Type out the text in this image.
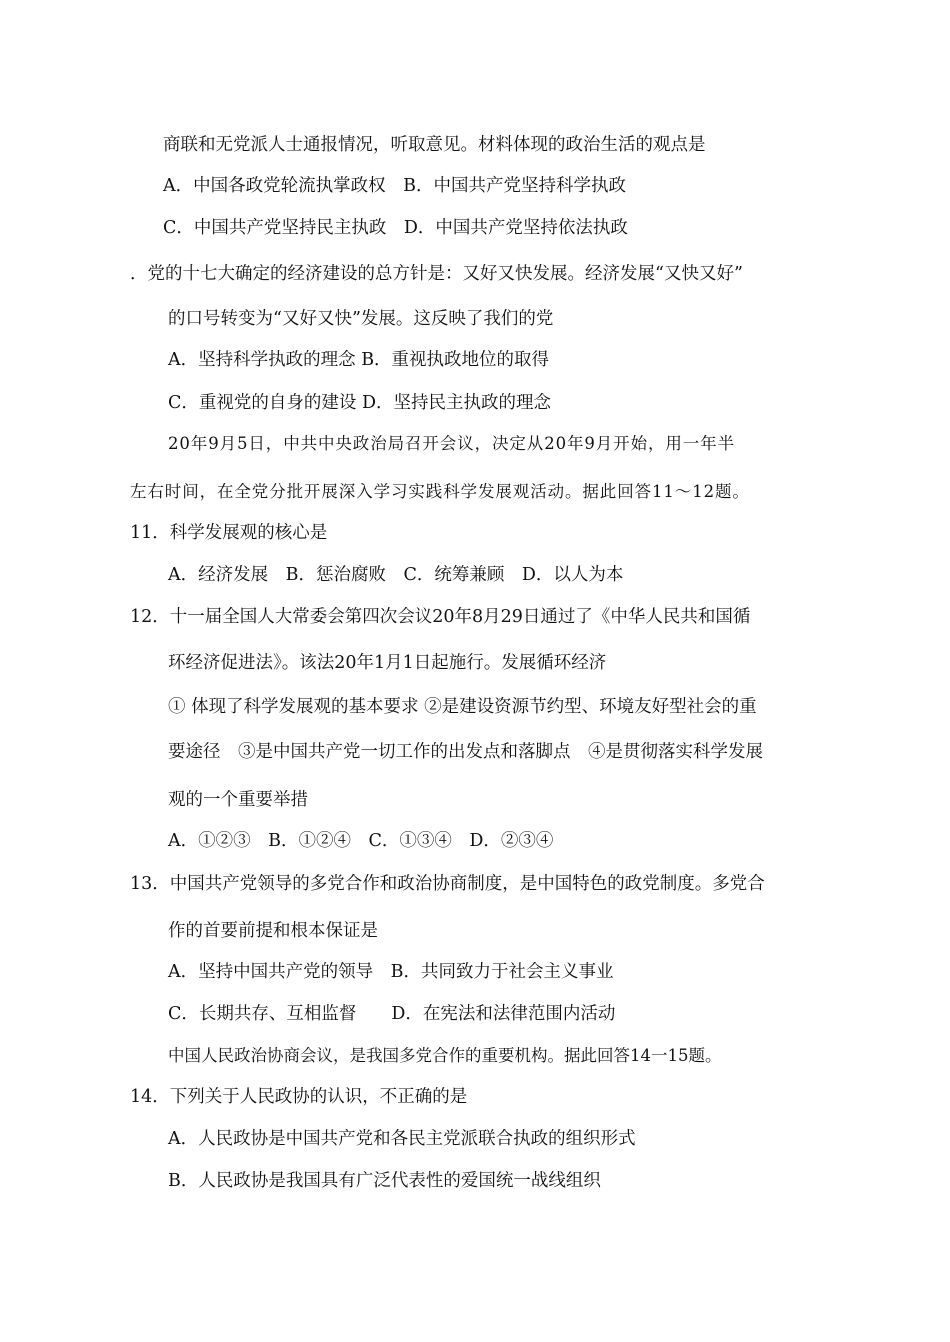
商联和无党派人士通报情况，听取意见。材料体现的政治生活的观点是
A．中国各政党轮流执掌政权　B．中国共产党坚持科学执政
C．中国共产党坚持民主执政　D．中国共产党坚持依法执政
．党的十七大确定的经济建设的总方针是：又好又快发展。经济发展“又快又好”
的口号转变为“又好又快”发展。这反映了我们的党
A．坚持科学执政的理念 B．重视执政地位的取得
C．重视党的自身的建设 D．坚持民主执政的理念
20年9月5日，中共中央政治局召开会议，决定从20年9月开始，用一年半
左右时间，在全党分批开展深入学习实践科学发展观活动。据此回答11～12题。
11．科学发展观的核心是
A．经济发展　B．惩治腐败　C．统筹兼顾　D．以人为本
12．十一届全国人大常委会第四次会议20年8月29日通过了《中华人民共和国循
环经济促进法》。该法20年1月1日起施行。发展循环经济
① 体现了科学发展观的基本要求 ②是建设资源节约型、环境友好型社会的重
要途径　③是中国共产党一切工作的出发点和落脚点　④是贯彻落实科学发展
观的一个重要举措
A．①②③　B．①②④　C．①③④　D．②③④
13．中国共产党领导的多党合作和政治协商制度，是中国特色的政党制度。多党合
作的首要前提和根本保证是
A．坚持中国共产党的领导　B．共同致力于社会主义事业
C．长期共存、互相监督　　D．在宪法和法律范围内活动
中国人民政治协商会议，是我国多党合作的重要机构。据此回答14一15题。
14．下列关于人民政协的认识，不正确的是
A．人民政协是中国共产党和各民主党派联合执政的组织形式
B．人民政协是我国具有广泛代表性的爱国统一战线组织
